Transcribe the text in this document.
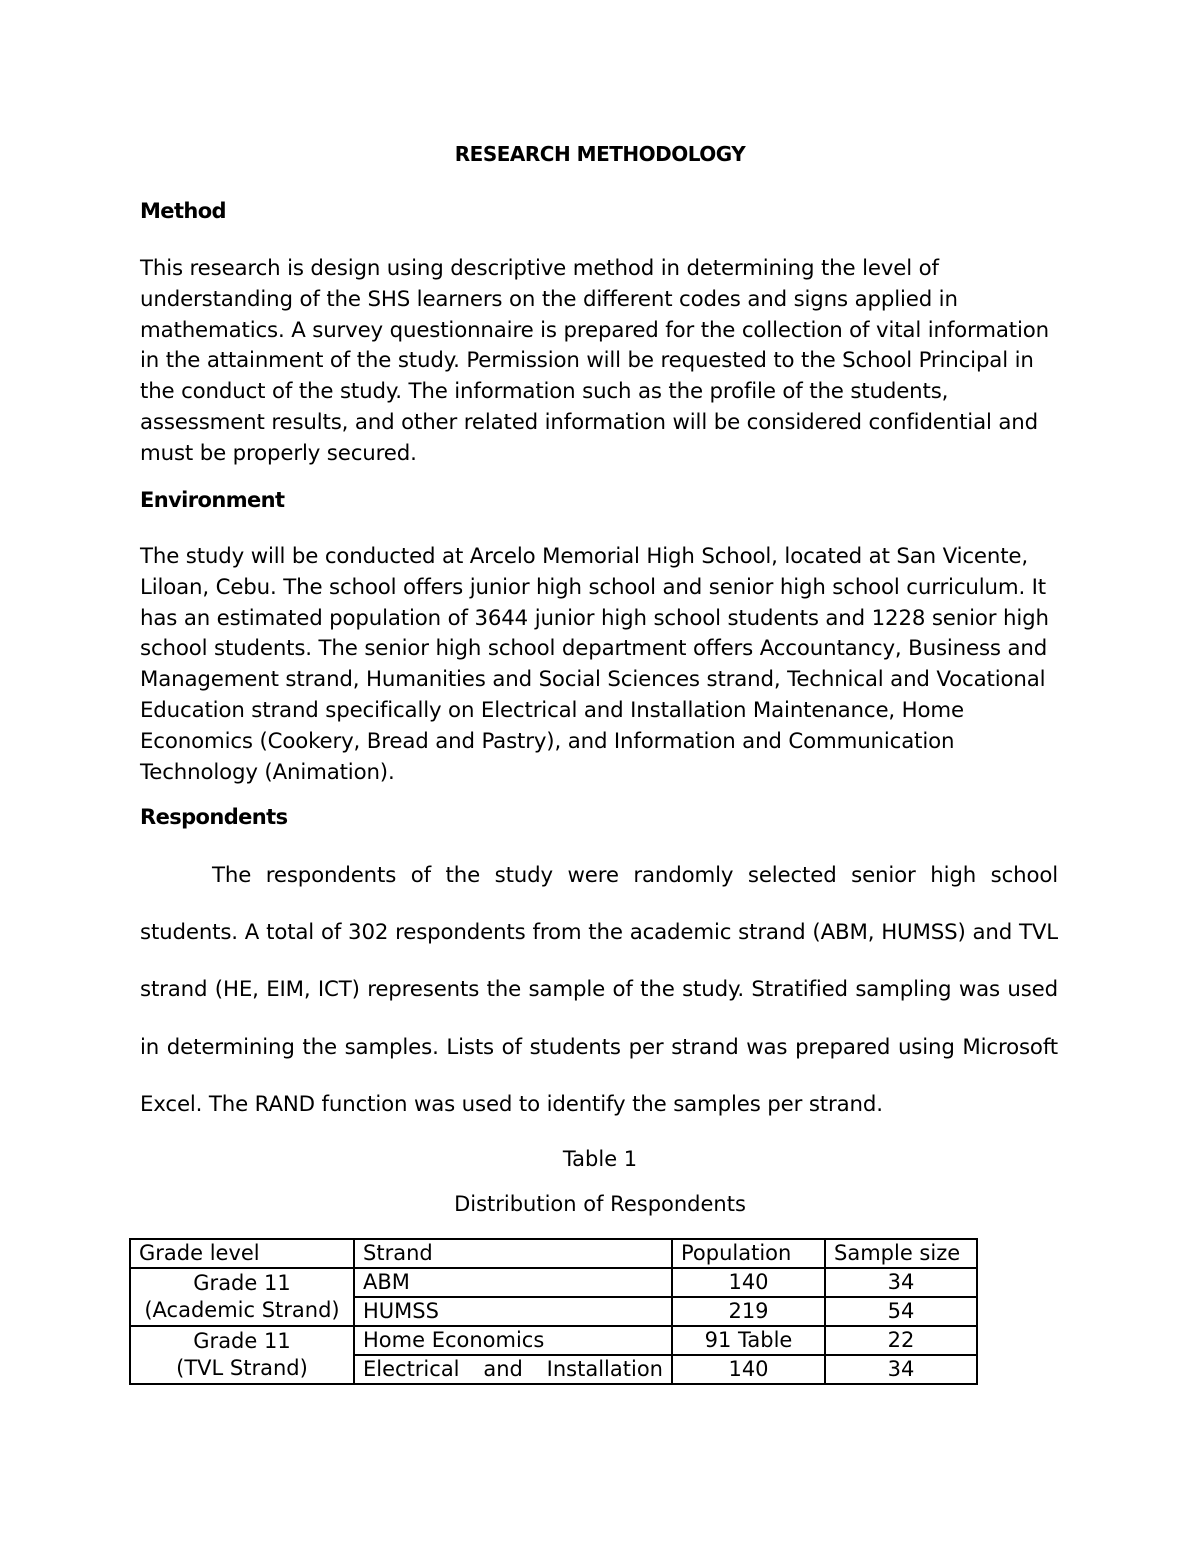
RESEARCH METHODOLOGY
Method
This research is design using descriptive method in determining the level of understanding of the SHS learners on the different codes and signs applied in mathematics. A survey questionnaire is prepared for the collection of vital information in the attainment of the study. Permission will be requested to the School Principal in the conduct of the study. The information such as the profile of the students, assessment results, and other related information will be considered confidential and must be properly secured.
Environment
The study will be conducted at Arcelo Memorial High School, located at San Vicente, Liloan, Cebu. The school offers junior high school and senior high school curriculum. It has an estimated population of 3644 junior high school students and 1228 senior high school students. The senior high school department offers Accountancy, Business and Management strand, Humanities and Social Sciences strand, Technical and Vocational Education strand specifically on Electrical and Installation Maintenance, Home Economics (Cookery, Bread and Pastry), and Information and Communication Technology (Animation).
Respondents
The respondents of the study were randomly selected senior high school students. A total of 302 respondents from the academic strand (ABM, HUMSS) and TVL strand (HE, EIM, ICT) represents the sample of the study. Stratified sampling was used in determining the samples. Lists of students per strand was prepared using Microsoft Excel. The RAND function was used to identify the samples per strand.
Table 1
Distribution of Respondents
Grade level	Strand	Population	Sample size

Grade 11
(Academic Strand)	ABM	140	34
	HUMSS	219	54

Grade 11
(TVL Strand)	Home Economics	91 Table	22

	Electrical and Installation	140	34
